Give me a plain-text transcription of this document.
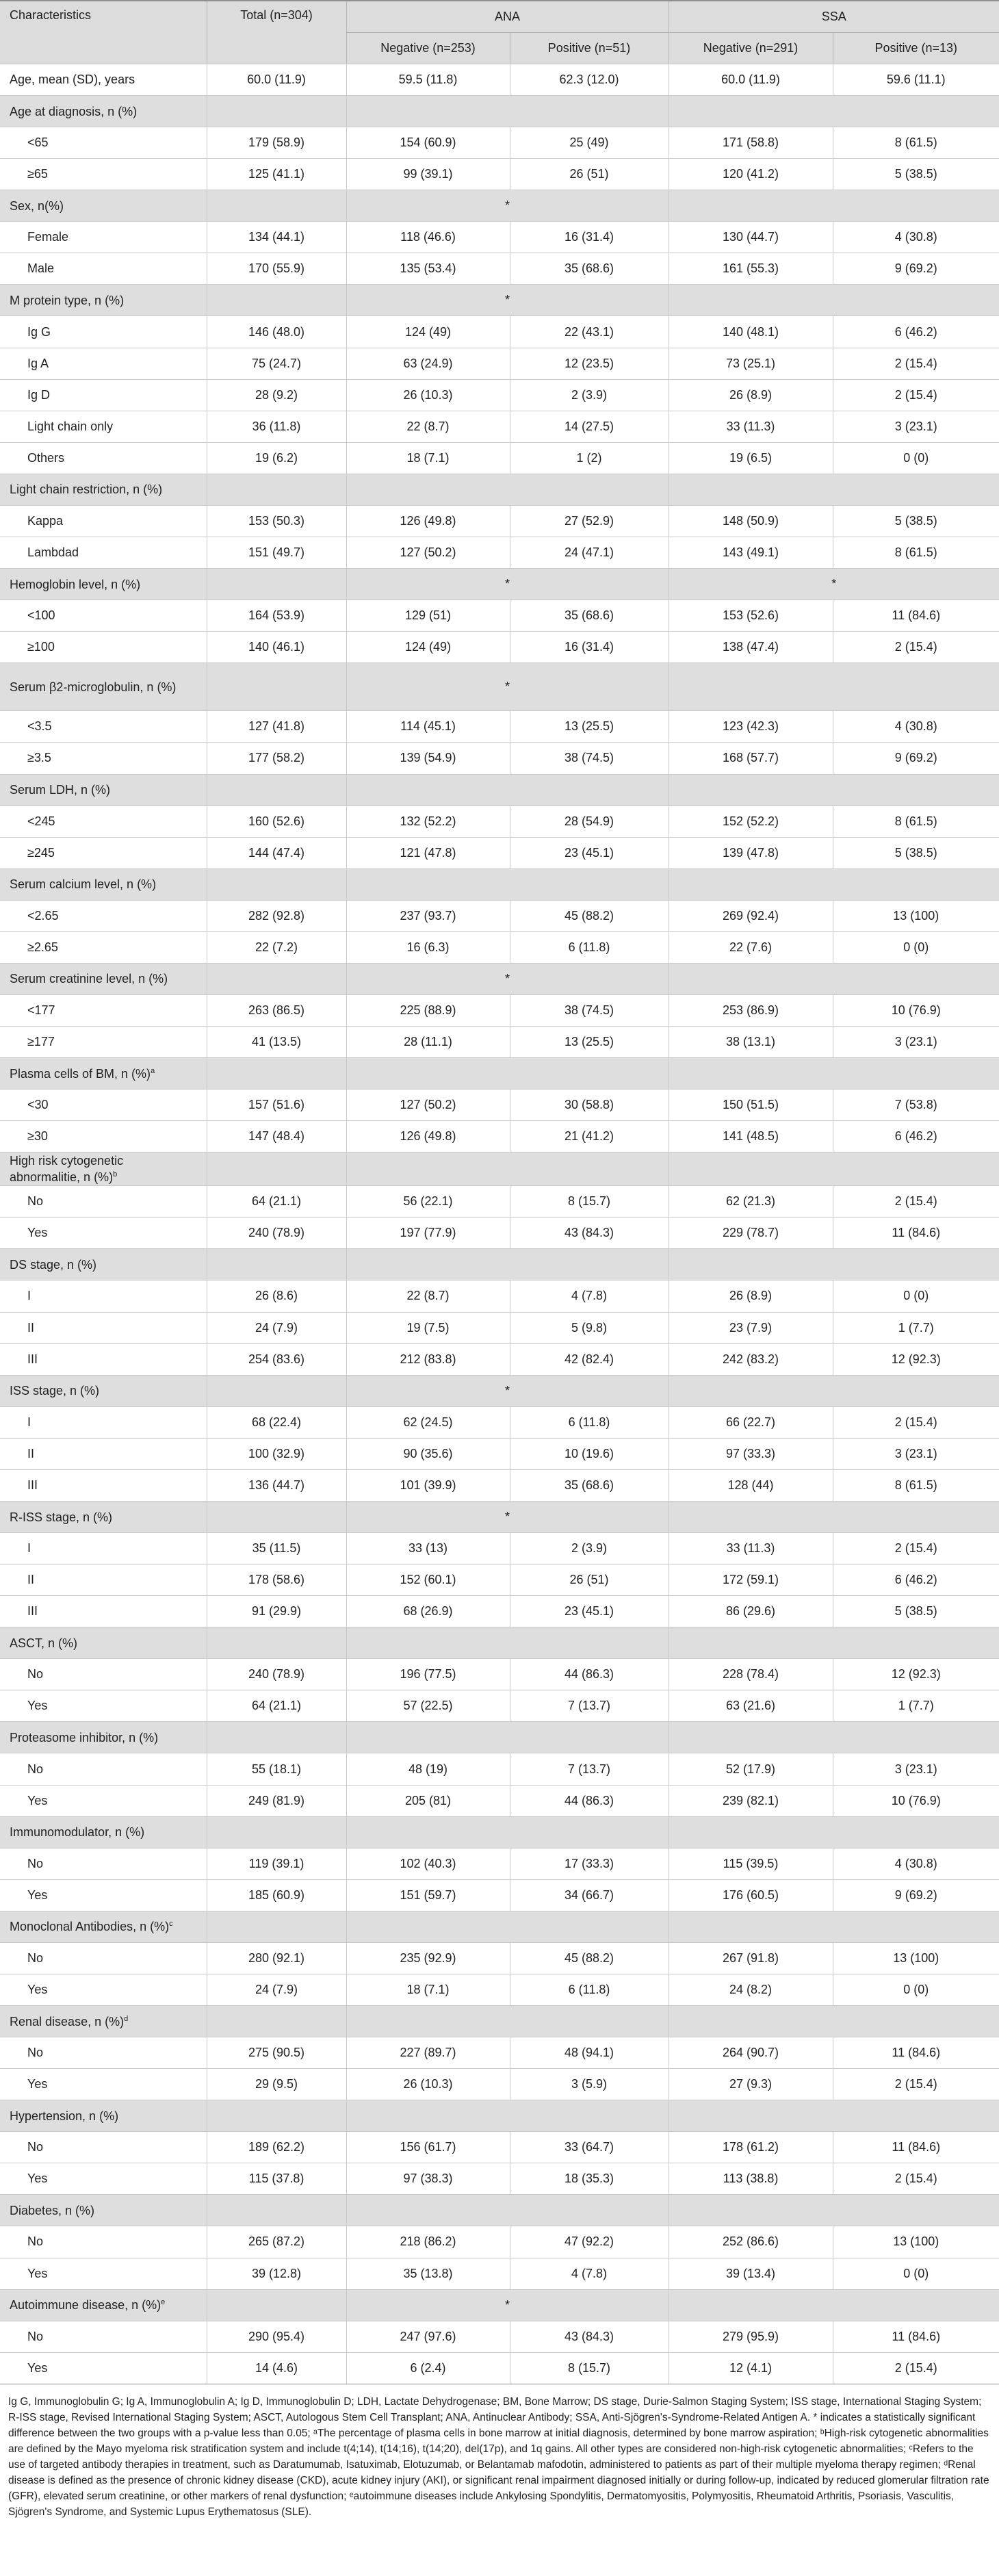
Characteristics	Total (n=304)	ANA		SSA	
		Negative (n=253)	Positive (n=51)	Negative (n=291)	Positive (n=13)
Age, mean (SD), years	60.0 (11.9)	59.5 (11.8)	62.3 (12.0)	60.0 (11.9)	59.6 (11.1)
Age at diagnosis, n (%)					
<65	179 (58.9)	154 (60.9)	25 (49)	171 (58.8)	8 (61.5)
≥65	125 (41.1)	99 (39.1)	26 (51)	120 (41.2)	5 (38.5)
Sex, n(%)		*			
Female	134 (44.1)	118 (46.6)	16 (31.4)	130 (44.7)	4 (30.8)
Male	170 (55.9)	135 (53.4)	35 (68.6)	161 (55.3)	9 (69.2)
M protein type, n (%)		*			
Ig G	146 (48.0)	124 (49)	22 (43.1)	140 (48.1)	6 (46.2)
Ig A	75 (24.7)	63 (24.9)	12 (23.5)	73 (25.1)	2 (15.4)
Ig D	28 (9.2)	26 (10.3)	2 (3.9)	26 (8.9)	2 (15.4)
Light chain only	36 (11.8)	22 (8.7)	14 (27.5)	33 (11.3)	3 (23.1)
Others	19 (6.2)	18 (7.1)	1 (2)	19 (6.5)	0 (0)
Light chain restriction, n (%)					
Kappa	153 (50.3)	126 (49.8)	27 (52.9)	148 (50.9)	5 (38.5)
Lambdad	151 (49.7)	127 (50.2)	24 (47.1)	143 (49.1)	8 (61.5)
Hemoglobin level, n (%)		*		*	
<100	164 (53.9)	129 (51)	35 (68.6)	153 (52.6)	11 (84.6)
≥100	140 (46.1)	124 (49)	16 (31.4)	138 (47.4)	2 (15.4)
Serum β2-microglobulin, n (%)		*			
<3.5	127 (41.8)	114 (45.1)	13 (25.5)	123 (42.3)	4 (30.8)
≥3.5	177 (58.2)	139 (54.9)	38 (74.5)	168 (57.7)	9 (69.2)
Serum LDH, n (%)					
<245	160 (52.6)	132 (52.2)	28 (54.9)	152 (52.2)	8 (61.5)
≥245	144 (47.4)	121 (47.8)	23 (45.1)	139 (47.8)	5 (38.5)
Serum calcium level, n (%)					
<2.65	282 (92.8)	237 (93.7)	45 (88.2)	269 (92.4)	13 (100)
≥2.65	22 (7.2)	16 (6.3)	6 (11.8)	22 (7.6)	0 (0)
Serum creatinine level, n (%)		*			
<177	263 (86.5)	225 (88.9)	38 (74.5)	253 (86.9)	10 (76.9)
≥177	41 (13.5)	28 (11.1)	13 (25.5)	38 (13.1)	3 (23.1)
Plasma cells of BM, n (%)$^a$			
<30	157 (51.6)	127 (50.2)	30 (58.8)	150 (51.5)	7 (53.8)
≥30	147 (48.4)	126 (49.8)	21 (41.2)	141 (48.5)	6 (46.2)
High risk cytogenetic abnormalitie, n (%)$^b$			
No	64 (21.1)	56 (22.1)	8 (15.7)	62 (21.3)	2 (15.4)
Yes	240 (78.9)	197 (77.9)	43 (84.3)	229 (78.7)	11 (84.6)
DS stage, n (%)					
I	26 (8.6)	22 (8.7)	4 (7.8)	26 (8.9)	0 (0)
II	24 (7.9)	19 (7.5)	5 (9.8)	23 (7.9)	1 (7.7)
III	254 (83.6)	212 (83.8)	42 (82.4)	242 (83.2)	12 (92.3)
ISS stage, n (%)		*			
I	68 (22.4)	62 (24.5)	6 (11.8)	66 (22.7)	2 (15.4)
II	100 (32.9)	90 (35.6)	10 (19.6)	97 (33.3)	3 (23.1)
III	136 (44.7)	101 (39.9)	35 (68.6)	128 (44)	8 (61.5)
R-ISS stage, n (%)		*			
I	35 (11.5)	33 (13)	2 (3.9)	33 (11.3)	2 (15.4)
II	178 (58.6)	152 (60.1)	26 (51)	172 (59.1)	6 (46.2)
III	91 (29.9)	68 (26.9)	23 (45.1)	86 (29.6)	5 (38.5)
ASCT, n (%)					
No	240 (78.9)	196 (77.5)	44 (86.3)	228 (78.4)	12 (92.3)
Yes	64 (21.1)	57 (22.5)	7 (13.7)	63 (21.6)	1 (7.7)
Proteasome inhibitor, n (%)					
No	55 (18.1)	48 (19)	7 (13.7)	52 (17.9)	3 (23.1)
Yes	249 (81.9)	205 (81)	44 (86.3)	239 (82.1)	10 (76.9)
Immunomodulator, n (%)					
No	119 (39.1)	102 (40.3)	17 (33.3)	115 (39.5)	4 (30.8)
Yes	185 (60.9)	151 (59.7)	34 (66.7)	176 (60.5)	9 (69.2)
Monoclonal Antibodies, n (%)$^c$			
No	280 (92.1)	235 (92.9)	45 (88.2)	267 (91.8)	13 (100)
Yes	24 (7.9)	18 (7.1)	6 (11.8)	24 (8.2)	0 (0)
Renal disease, n (%)$^d$			
No	275 (90.5)	227 (89.7)	48 (94.1)	264 (90.7)	11 (84.6)
Yes	29 (9.5)	26 (10.3)	3 (5.9)	27 (9.3)	2 (15.4)
Hypertension, n (%)					
No	189 (62.2)	156 (61.7)	33 (64.7)	178 (61.2)	11 (84.6)
Yes	115 (37.8)	97 (38.3)	18 (35.3)	113 (38.8)	2 (15.4)
Diabetes, n (%)					
No	265 (87.2)	218 (86.2)	47 (92.2)	252 (86.6)	13 (100)
Yes	39 (12.8)	35 (13.8)	4 (7.8)	39 (13.4)	0 (0)
Autoimmune disease, n (%)$^e$		*			
No	290 (95.4)	247 (97.6)	43 (84.3)	279 (95.9)	11 (84.6)
Yes	14 (4.6)	6 (2.4)	8 (15.7)	12 (4.1)	2 (15.4)
Ig G, Immunoglobulin G; Ig A, Immunoglobulin A; Ig D, Immunoglobulin D; LDH, Lactate Dehydrogenase; BM, Bone Marrow; DS stage, Durie-Salmon Staging System; ISS stage, International Staging System; R-ISS stage, Revised International Staging System; ASCT, Autologous Stem Cell Transplant; ANA, Antinuclear Antibody; SSA, Anti-Sjögren's-Syndrome-Related Antigen A. * indicates a statistically significant difference between the two groups with a p-value less than 0.05; ᵃThe percentage of plasma cells in bone marrow at initial diagnosis, determined by bone marrow aspiration; ᵇHigh-risk cytogenetic abnormalities are defined by the Mayo myeloma risk stratification system and include t(4;14), t(14;16), t(14;20), del(17p), and 1q gains. All other types are considered non-high-risk cytogenetic abnormalities; ᶜRefers to the use of targeted antibody therapies in treatment, such as Daratumumab, Isatuximab, Elotuzumab, or Belantamab mafodotin, administered to patients as part of their multiple myeloma therapy regimen; ᵈRenal disease is defined as the presence of chronic kidney disease (CKD), acute kidney injury (AKI), or significant renal impairment diagnosed initially or during follow-up, indicated by reduced glomerular filtration rate (GFR), elevated serum creatinine, or other markers of renal dysfunction; ᵉautoimmune diseases include Ankylosing Spondylitis, Dermatomyositis, Polymyositis, Rheumatoid Arthritis, Psoriasis, Vasculitis, Sjögren's Syndrome, and Systemic Lupus Erythematosus (SLE).
